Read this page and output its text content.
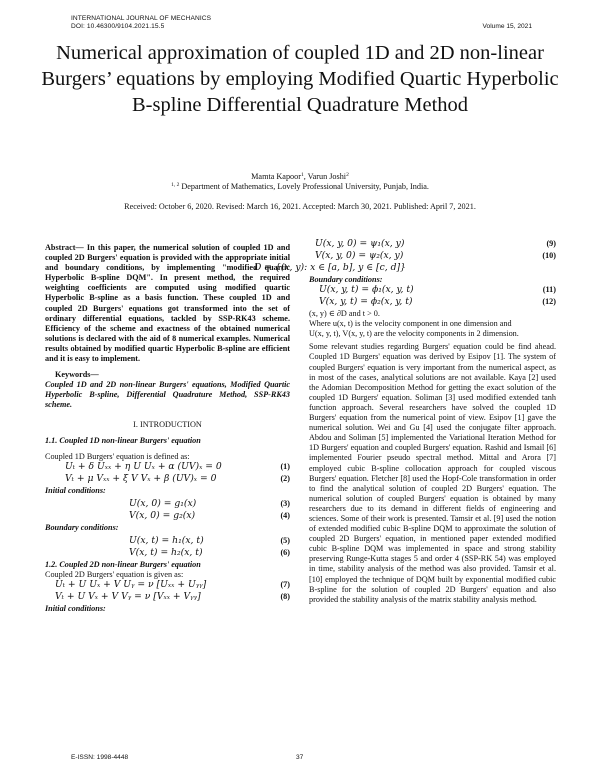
INTERNATIONAL JOURNAL OF MECHANICS
DOI: 10.46300/9104.2021.15.5	Volume 15, 2021
Numerical approximation of coupled 1D and 2D non-linear Burgers’ equations by employing Modified Quartic Hyperbolic B-spline Differential Quadrature Method
Mamta Kapoor$^1$, Varun Joshi$^2$
$^{1, 2}$ Department of Mathematics, Lovely Professional University, Punjab, India.
Received: October 6, 2020. Revised: March 16, 2021. Accepted: March 30, 2021. Published: April 7, 2021.
Abstract— In this paper, the numerical solution of coupled 1D and coupled 2D Burgers' equation is provided with the appropriate initial and boundary conditions, by implementing "modified quartic Hyperbolic B-spline DQM". In present method, the required weighting coefficients are computed using modified quartic Hyperbolic B-spline as a basis function. These coupled 1D and coupled 2D Burgers' equations got transformed into the set of ordinary differential equations, tackled by SSP-RK43 scheme. Efficiency of the scheme and exactness of the obtained numerical solutions is declared with the aid of 8 numerical examples. Numerical results obtained by modified quartic Hyperbolic B-spline are efficient and it is easy to implement.
Keywords—
Coupled 1D and 2D non-linear Burgers' equations, Modified Quartic Hyperbolic B-spline, Differential Quadrature Method, SSP-RK43 scheme.
I. INTRODUCTION
1.1. Coupled 1D non-linear Burgers' equation
Coupled 1D Burgers' equation is defined as:
Uₜ + δ Uₓₓ + η U Uₓ + α (UV)ₓ = 0	(1)
Vₜ + μ Vₓₓ + ξ V Vₓ + β (UV)ₓ = 0	(2)
Initial conditions:
U(x, 0) = g₁(x)	(3)
V(x, 0) = g₂(x)	(4)
Boundary conditions:
U(x, t) = h₁(x, t)	(5)
V(x, t) = h₂(x, t)	(6)
1.2. Coupled 2D non-linear Burgers' equation
Coupled 2D Burgers' equation is given as:
Uₜ + U Uₓ + V Uᵧ = ν [Uₓₓ + Uᵧᵧ]	(7)
Vₜ + U Vₓ + V Vᵧ = ν [Vₓₓ + Vᵧᵧ]	(8)
Initial conditions:
U(x, y, 0) = ψ₁(x, y)	(9)
V(x, y, 0) = ψ₂(x, y)	(10)
D = {(x, y): x ∈ [a, b], y ∈ [c, d]}
Boundary conditions:
U(x, y, t) = ϕ₁(x, y, t)	(11)
V(x, y, t) = ϕ₂(x, y, t)	(12)
(x, y) ∈ ∂D and t > 0.
Where u(x, t) is the velocity component in one dimension and
U(x, y, t), V(x, y, t) are the velocity components in 2 dimension.
Some relevant studies regarding Burgers' equation could be find ahead. Coupled 1D Burgers' equation was derived by Esipov [1]. The system of coupled Burgers' equation is very important from the numerical aspect, as in most of the cases, analytical solutions are not available. Kaya [2] used the Adomian Decomposition Method for getting the exact solution of the coupled 1D Burgers' equation. Soliman [3] used modified extended tanh function approach. Several researchers have solved the coupled 1D Burgers' equation from the numerical point of view. Esipov [1] gave the numerical solution. Wei and Gu [4] used the conjugate filter approach. Abdou and Soliman [5] implemented the Variational Iteration Method for 1D Burgers' equation and coupled Burgers' equation. Rashid and Ismail [6] implemented Fourier pseudo spectral method. Mittal and Arora [7] employed cubic B-spline collocation approach for coupled viscous Burgers' equation. Fletcher [8] used the Hopf-Cole transformation in order to find the analytical solution of coupled 2D Burgers' equation. The numerical solution of coupled Burgers' equation is obtained by many researchers due to its demand in different fields of engineering and sciences. Some of their work is presented. Tamsir et al. [9] used the notion of extended modified cubic B-spline DQM to approximate the solution of coupled 2D Burgers' equation, in mentioned paper extended modified cubic B-spline DQM was implemented in space and strong stability preserving Runge-Kutta stages 5 and order 4 (SSP-RK 54) was employed in time, stability analysis of the method was also provided. Tamsir et al. [10] employed the technique of DQM built by exponential modified cubic B-spline for the solution of coupled 2D Burgers' equation and also provided the stability analysis of the matrix stability analysis method.
E-ISSN: 1998-4448	37
